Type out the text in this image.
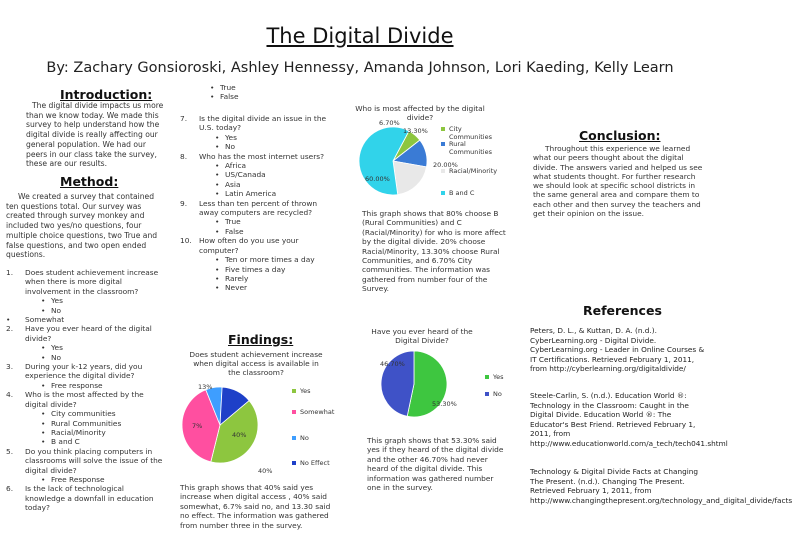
The Digital Divide
By: Zachary Gonsioroski, Ashley Hennessy, Amanda Johnson, Lori Kaeding, Kelly Learn
Introduction:
The digital divide impacts us more than we know today. We made this survey to help understand how the digital divide is really affecting our general population. We had our peers in our class take the survey, these are our results.
Method:
We created a survey that contained ten questions total. Our survey was created through survey monkey and included two yes/no questions, four multiple choice questions, two True and false questions, and two open ended questions.
1. Does student achievement increase when there is more digital involvement in the classroom?
• Yes
• No
• Somewhat
2. Have you ever heard of the digital divide?
• Yes
• No
3. During your k-12 years, did you experience the digital divide?
• Free response
4. Who is the most affected by the digital divide?
• City communities
• Rural Communities
• Racial/Minority
• B and C
5. Do you think placing computers in classrooms will solve the issue of the digital divide?
• Free Response
6. Is the lack of technological knowledge a downfall in education today?
• True
• False
7. Is the digital divide an issue in the U.S. today?
• Yes
• No
8. Who has the most internet users?
• Africa
• US/Canada
• Asia
• Latin America
9. Less than ten percent of thrown away computers are recycled?
• True
• False
10. How often do you use your computer?
• Ten or more times a day
• Five times a day
• Rarely
• Never
Findings:
Does student achievement increase when digital access is available in the classroom?
40%
40%
7%
13%	Yes
Somewhat
No
No Effect
This graph shows that 40% said yes increase when digital access , 40% said somewhat, 6.7% said no, and 13.30 said no effect. The information was gathered from number three in the survey.
Who is most affected by the digital divide?
6.70%
13.30%
20.00%
60.00%
City Communities
Rural Communities
Racial/Minority
B and C
This graph shows that 80% choose B (Rural Communities) and C (Racial/Minority) for who is more affect by the digital divide. 20% choose Racial/Minority, 13.30% choose Rural Communities, and 6.70% City communities. The information was gathered from number four of the Survey.
Have you ever heard of the Digital Divide?
53.30%
46.70%
Yes
No
This graph shows that 53.30% said yes if they heard of the digital divide and the other 46.70% had never heard of the digital divide. This information was gathered number one in the survey.
Conclusion:
Throughout this experience we learned what our peers thought about the digital divide. The answers varied and helped us see what students thought. For further research we should look at specific school districts in the same general area and compare them to each other and then survey the teachers and get their opinion on the issue.
References
Peters, D. L., & Kuttan, D. A. (n.d.). CyberLearning.org - Digital Divide. CyberLearning.org - Leader in Online Courses & IT Certifications. Retrieved February 1, 2011, from http://cyberlearning.org/digitaldivide/
Steele-Carlin, S. (n.d.). Education World ®: Technology in the Classroom: Caught in the Digital Divide. Education World ®: The Educator's Best Friend. Retrieved February 1, 2011, from http://www.educationworld.com/a_tech/tech041.shtml
Technology & Digital Divide Facts at Changing The Present. (n.d.). Changing The Present. Retrieved February 1, 2011, from http://www.changingthepresent.org/technology_and_digital_divide/facts
